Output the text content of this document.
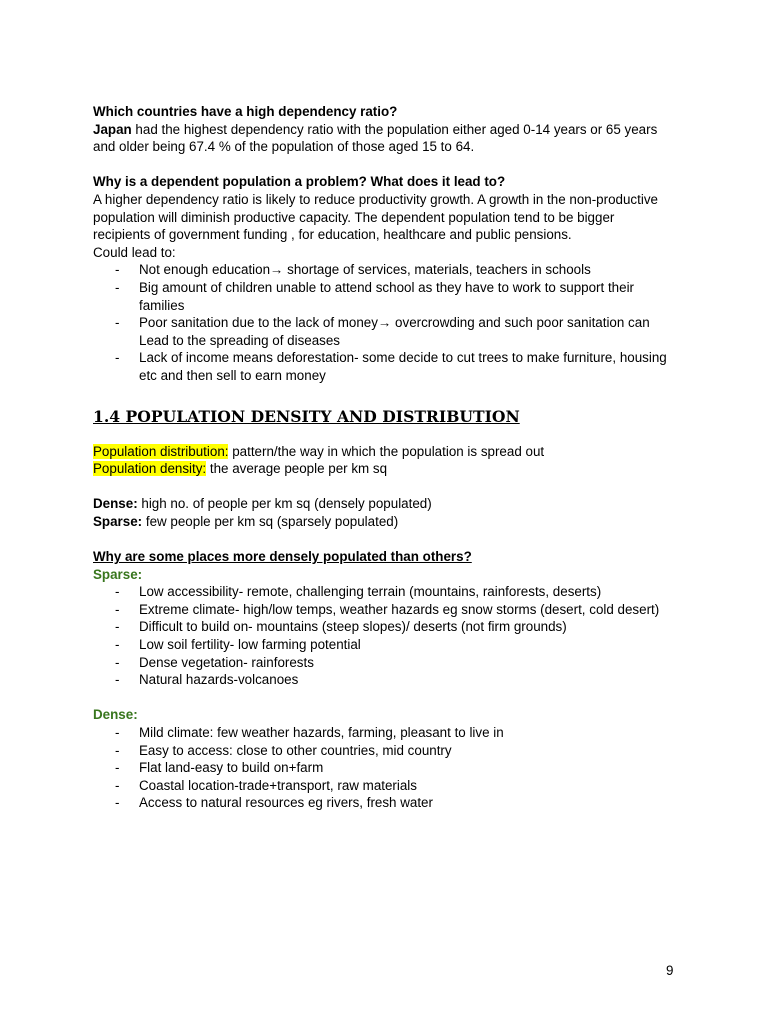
Which countries have a high dependency ratio?

Japan had the highest dependency ratio with the population either aged 0-14 years or 65 years and older being 67.4 % of the population of those aged 15 to 64.

Why is a dependent population a problem? What does it lead to?

A higher dependency ratio is likely to reduce productivity growth. A growth in the non-productive population will diminish productive capacity. The dependent population tend to be bigger recipients of government funding , for education, healthcare and public pensions.

Could lead to:

- Not enough education→ shortage of services, materials, teachers in schools
- Big amount of children unable to attend school as they have to work to support their families
- Poor sanitation due to the lack of money→ overcrowding and such poor sanitation can Lead to the spreading of diseases
- Lack of income means deforestation- some decide to cut trees to make furniture, housing etc and then sell to earn money
1.4 POPULATION DENSITY AND DISTRIBUTION

Population distribution: pattern/the way in which the population is spread out

Population density: the average people per km sq

Dense: high no. of people per km sq (densely populated)

Sparse: few people per km sq (sparsely populated)

Why are some places more densely populated than others?

Sparse:

- Low accessibility- remote, challenging terrain (mountains, rainforests, deserts)
- Extreme climate- high/low temps, weather hazards eg snow storms (desert, cold desert)
- Difficult to build on- mountains (steep slopes)/ deserts (not firm grounds)
- Low soil fertility- low farming potential
- Dense vegetation- rainforests
- Natural hazards-volcanoes

Dense:

- Mild climate: few weather hazards, farming, pleasant to live in
- Easy to access: close to other countries, mid country
- Flat land-easy to build on+farm
- Coastal location-trade+transport, raw materials
- Access to natural resources eg rivers, fresh water
9
